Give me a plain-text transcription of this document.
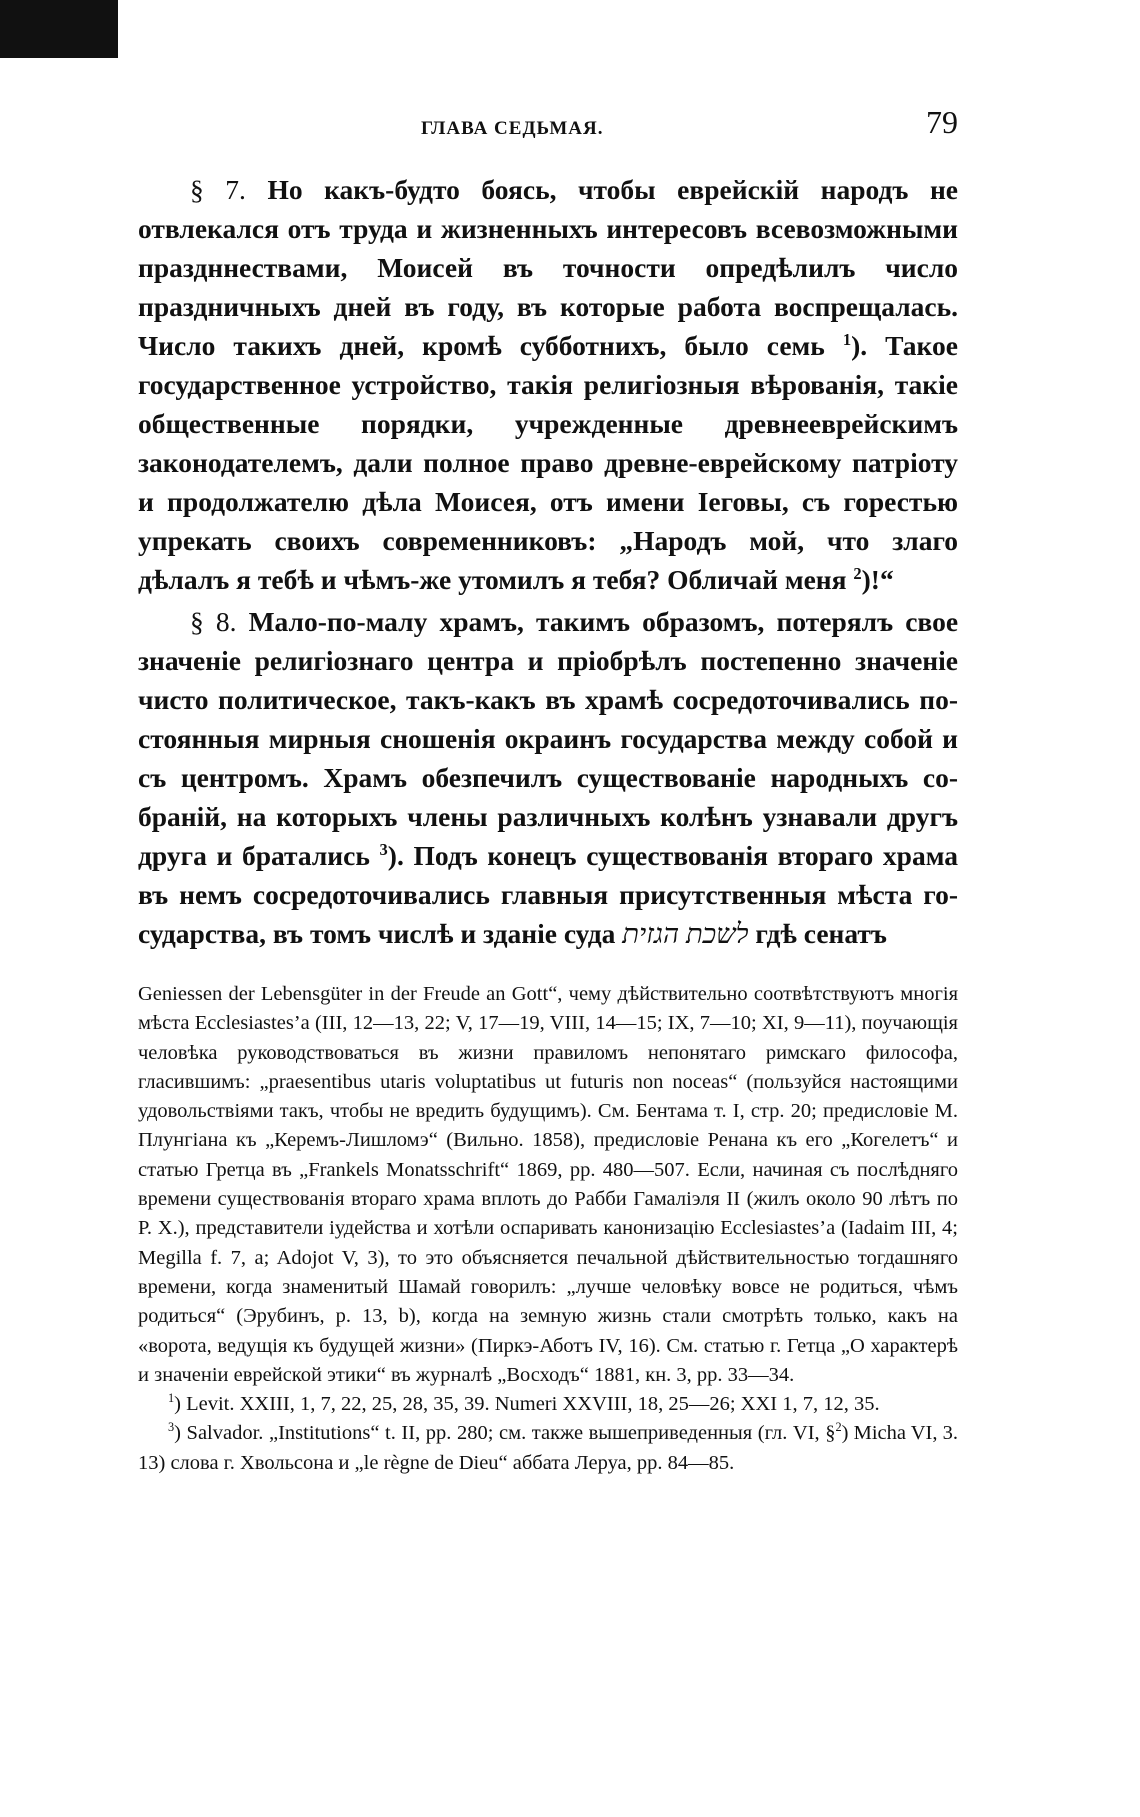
ГЛАВА СЕДЬМАЯ.	79

§ 7. Но какъ-будто боясь, чтобы еврейскій народъ не отвлекался отъ труда и жизненныхъ интересовъ всевозможными праздннествами, Моисей въ точности опредѣлилъ число праздничныхъ дней въ году, въ которые работа воспрещалась. Число такихъ дней, кромѣ субботнихъ, было семь $^1$). Такое государственное устройство, такія религіозныя вѣрованія, такіе общественные порядки, учрежденные древнееврейскимъ законодателемъ, дали полное право древне-еврейскому патріоту и продолжателю дѣла Моисея, отъ имени Іеговы, съ горестью упрекать своихъ современниковъ: „Народъ мой, что злаго дѣлалъ я тебѣ и чѣмъ-же утомилъ я тебя? Обличай меня $^2$)!“

§ 8. Мало-по-малу храмъ, такимъ образомъ, потерялъ свое значеніе религіознаго центра и пріобрѣлъ постепенно значеніе чисто политическое, такъ-какъ въ храмѣ сосредоточивались постоянныя мирныя сношенія окраинъ государства между собой и съ центромъ. Храмъ обезпечилъ существованіе народныхъ собраній, на которыхъ члены различныхъ колѣнъ узнавали другъ друга и братались $^3$). Подъ конецъ существованія втораго храма въ немъ сосредоточивались главныя присутственныя мѣста государства, въ томъ числѣ и зданіе суда לשכת הגזית гдѣ сенатъ

Geniessen der Lebensgüter in der Freude an Gott“, чему дѣйствительно соотвѣтствуютъ многія мѣста Ecclesiastes’а (III, 12—13, 22; V, 17—19, VIII, 14—15; IX, 7—10; XI, 9—11), поучающія человѣка руководствоваться въ жизни правиломъ непонятаго римскаго философа, гласившимъ: „praesentibus utaris voluptatibus ut futuris non noceas“ (пользуйся настоящими удовольствіями такъ, чтобы не вредить будущимъ). См. Бентама т. I, стр. 20; предисловіе М. Плунгіана къ „Керемъ-Лишломэ“ (Вильно. 1858), предисловіе Ренана къ его „Когелетъ“ и статью Гретца въ „Frankels Monatsschrift“ 1869, pp. 480—507. Если, начиная съ послѣдняго времени существованія втораго храма вплоть до Рабби Гамаліэля II (жилъ около 90 лѣтъ по Р. Х.), представители іудейства и хотѣли оспаривать канонизацію Ecclesiastes’а (Iadaim III, 4; Megilla f. 7, a; Adojot V, 3), то это объясняется печальной дѣйствительностью тогдашняго времени, когда знаменитый Шамай говорилъ: „лучше человѣку вовсе не родиться, чѣмъ родиться“ (Эрубинъ, р. 13, b), когда на земную жизнь стали смотрѣть только, какъ на «ворота, ведущія къ будущей жизни» (Пиркэ-Аботъ IV, 16). См. статью г. Гетца „О характерѣ и значеніи еврейской этики“ въ журналѣ „Восходъ“ 1881, кн. 3, pp. 33—34.

$^1$) Levit. XXIII, 1, 7, 22, 25, 28, 35, 39. Numeri XXVIII, 18, 25—26; XXI 1, 7, 12, 35.
$^2$) Micha VI, 3.

$^3$) Salvador. „Institutions“ t. II, pp. 280; см. также вышеприведенныя (гл. VI, § 13) слова г. Хвольсона и „le règne de Dieu“ аббата Леруа, pp. 84—85.
